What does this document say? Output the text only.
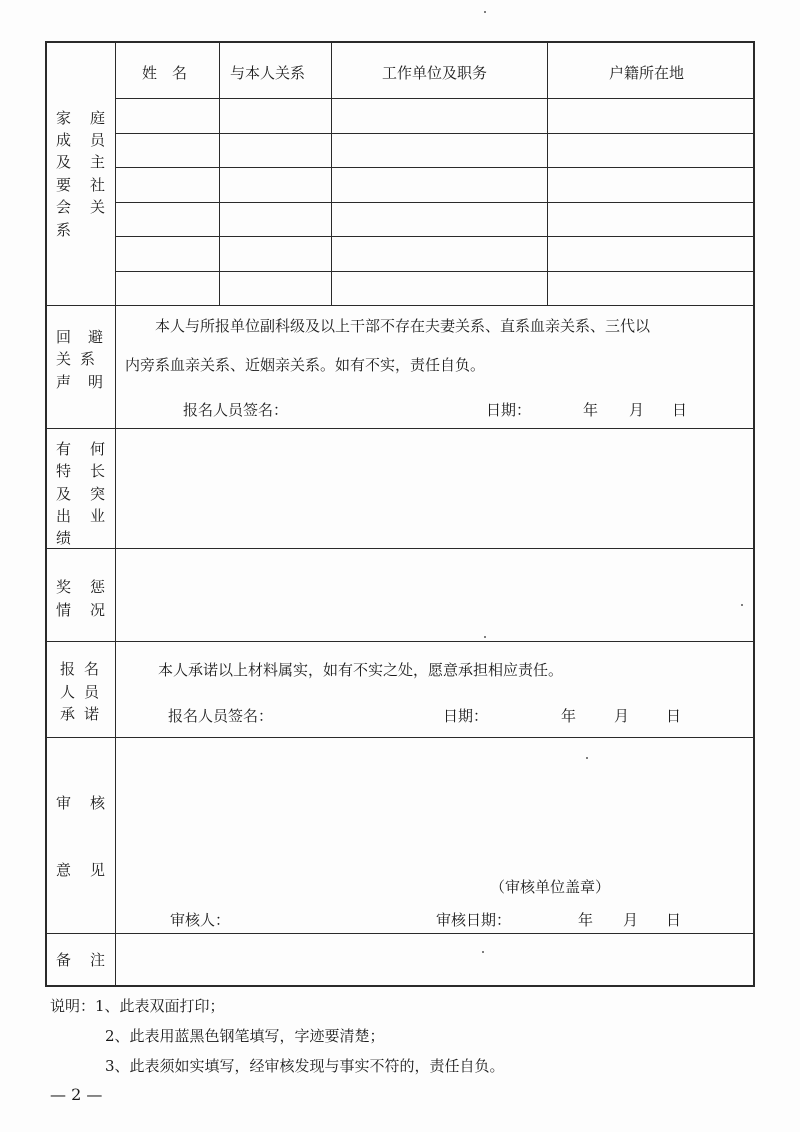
家 庭
成 员
及 主
要 社
会 关
系
姓　名	与本人关系	工作单位及职务	户籍所在地
回 避
关 系
声 明
本人与所报单位副科级及以上干部不存在夫妻关系、直系血亲关系、三代以
内旁系血亲关系、近姻亲关系。如有不实，责任自负。
报名人员签名：	日期：	年 月 日
有 何
特 长
及 突
出 业
绩
奖 惩
情 况
报 名
人 员
承 诺
本人承诺以上材料属实，如有不实之处，愿意承担相应责任。
报名人员签名：	日期：	年	月 日
审 核
意 见
（审核单位盖章）
审核人：	审核日期：	年 月 日
备 注
说明：1、此表双面打印；
2、此表用蓝黑色钢笔填写，字迹要清楚；
3、此表须如实填写，经审核发现与事实不符的，责任自负。
— 2 —
